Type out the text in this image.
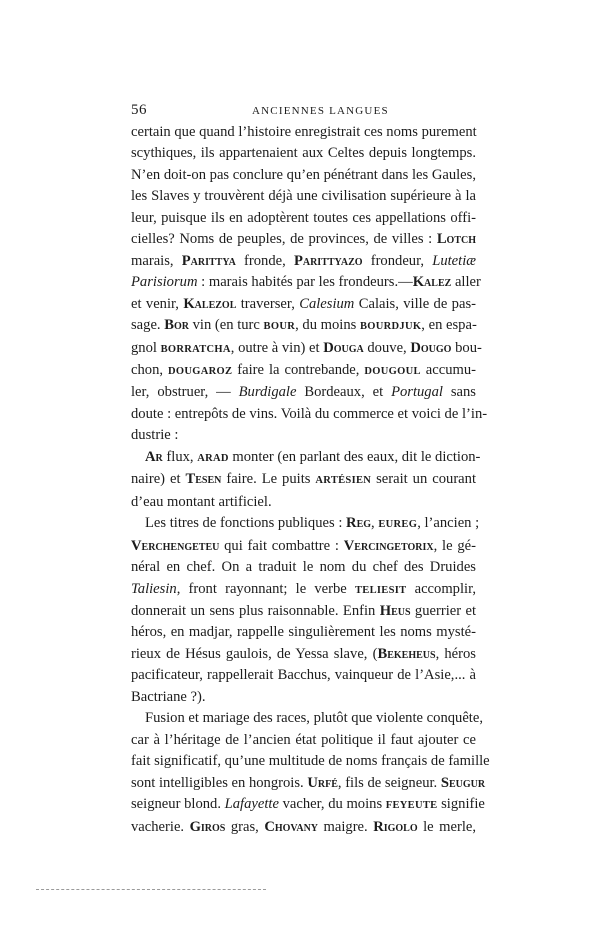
56	ANCIENNES LANGUES
certain que quand l’histoire enregistrait ces noms purement
scythiques, ils appartenaient aux Celtes depuis longtemps.
N’en doit-on pas conclure qu’en pénétrant dans les Gaules,
les Slaves y trouvèrent déjà une civilisation supérieure à la
leur, puisque ils en adoptèrent toutes ces appellations offi-
cielles? Noms de peuples, de provinces, de villes : Lotch
marais, Parittya fronde, Parittyazo frondeur, Lutetiæ
Parisiorum : marais habités par les frondeurs.—Kalez aller
et venir, Kalezol traverser, Calesium Calais, ville de pas-
sage. Bor vin (en turc BOUR, du moins BOURDJUK, en espa-
gnol BORRATCHA, outre à vin) et Douga douve, Dougo bou-
chon, DOUGAROZ faire la contrebande, DOUGOUL accumu-
ler, obstruer, — Burdigale Bordeaux, et Portugal sans
doute : entrepôts de vins. Voilà du commerce et voici de l’in-
dustrie :
Ar flux, ARAD monter (en parlant des eaux, dit le diction-
naire) et Tesen faire. Le puits ARTÉSIEN serait un courant
d’eau montant artificiel.
Les titres de fonctions publiques : Reg, EUREG, l’ancien ;
Verchengeteu qui fait combattre : Vercingetorix, le gé-
néral en chef. On a traduit le nom du chef des Druides
Taliesin, front rayonnant; le verbe TELIESIT accomplir,
donnerait un sens plus raisonnable. Enfin Heus guerrier et
héros, en madjar, rappelle singulièrement les noms mysté-
rieux de Hésus gaulois, de Yessa slave, (Bekeheus, héros
pacificateur, rappellerait Bacchus, vainqueur de l’Asie,... à
Bactriane ?).
Fusion et mariage des races, plutôt que violente conquête,
car à l’héritage de l’ancien état politique il faut ajouter ce
fait significatif, qu’une multitude de noms français de famille
sont intelligibles en hongrois. Urfé, fils de seigneur. Seugur
seigneur blond. Lafayette vacher, du moins FEYEUTE signifie
vacherie. Giros gras, Chovany maigre. Rigolo le merle,
